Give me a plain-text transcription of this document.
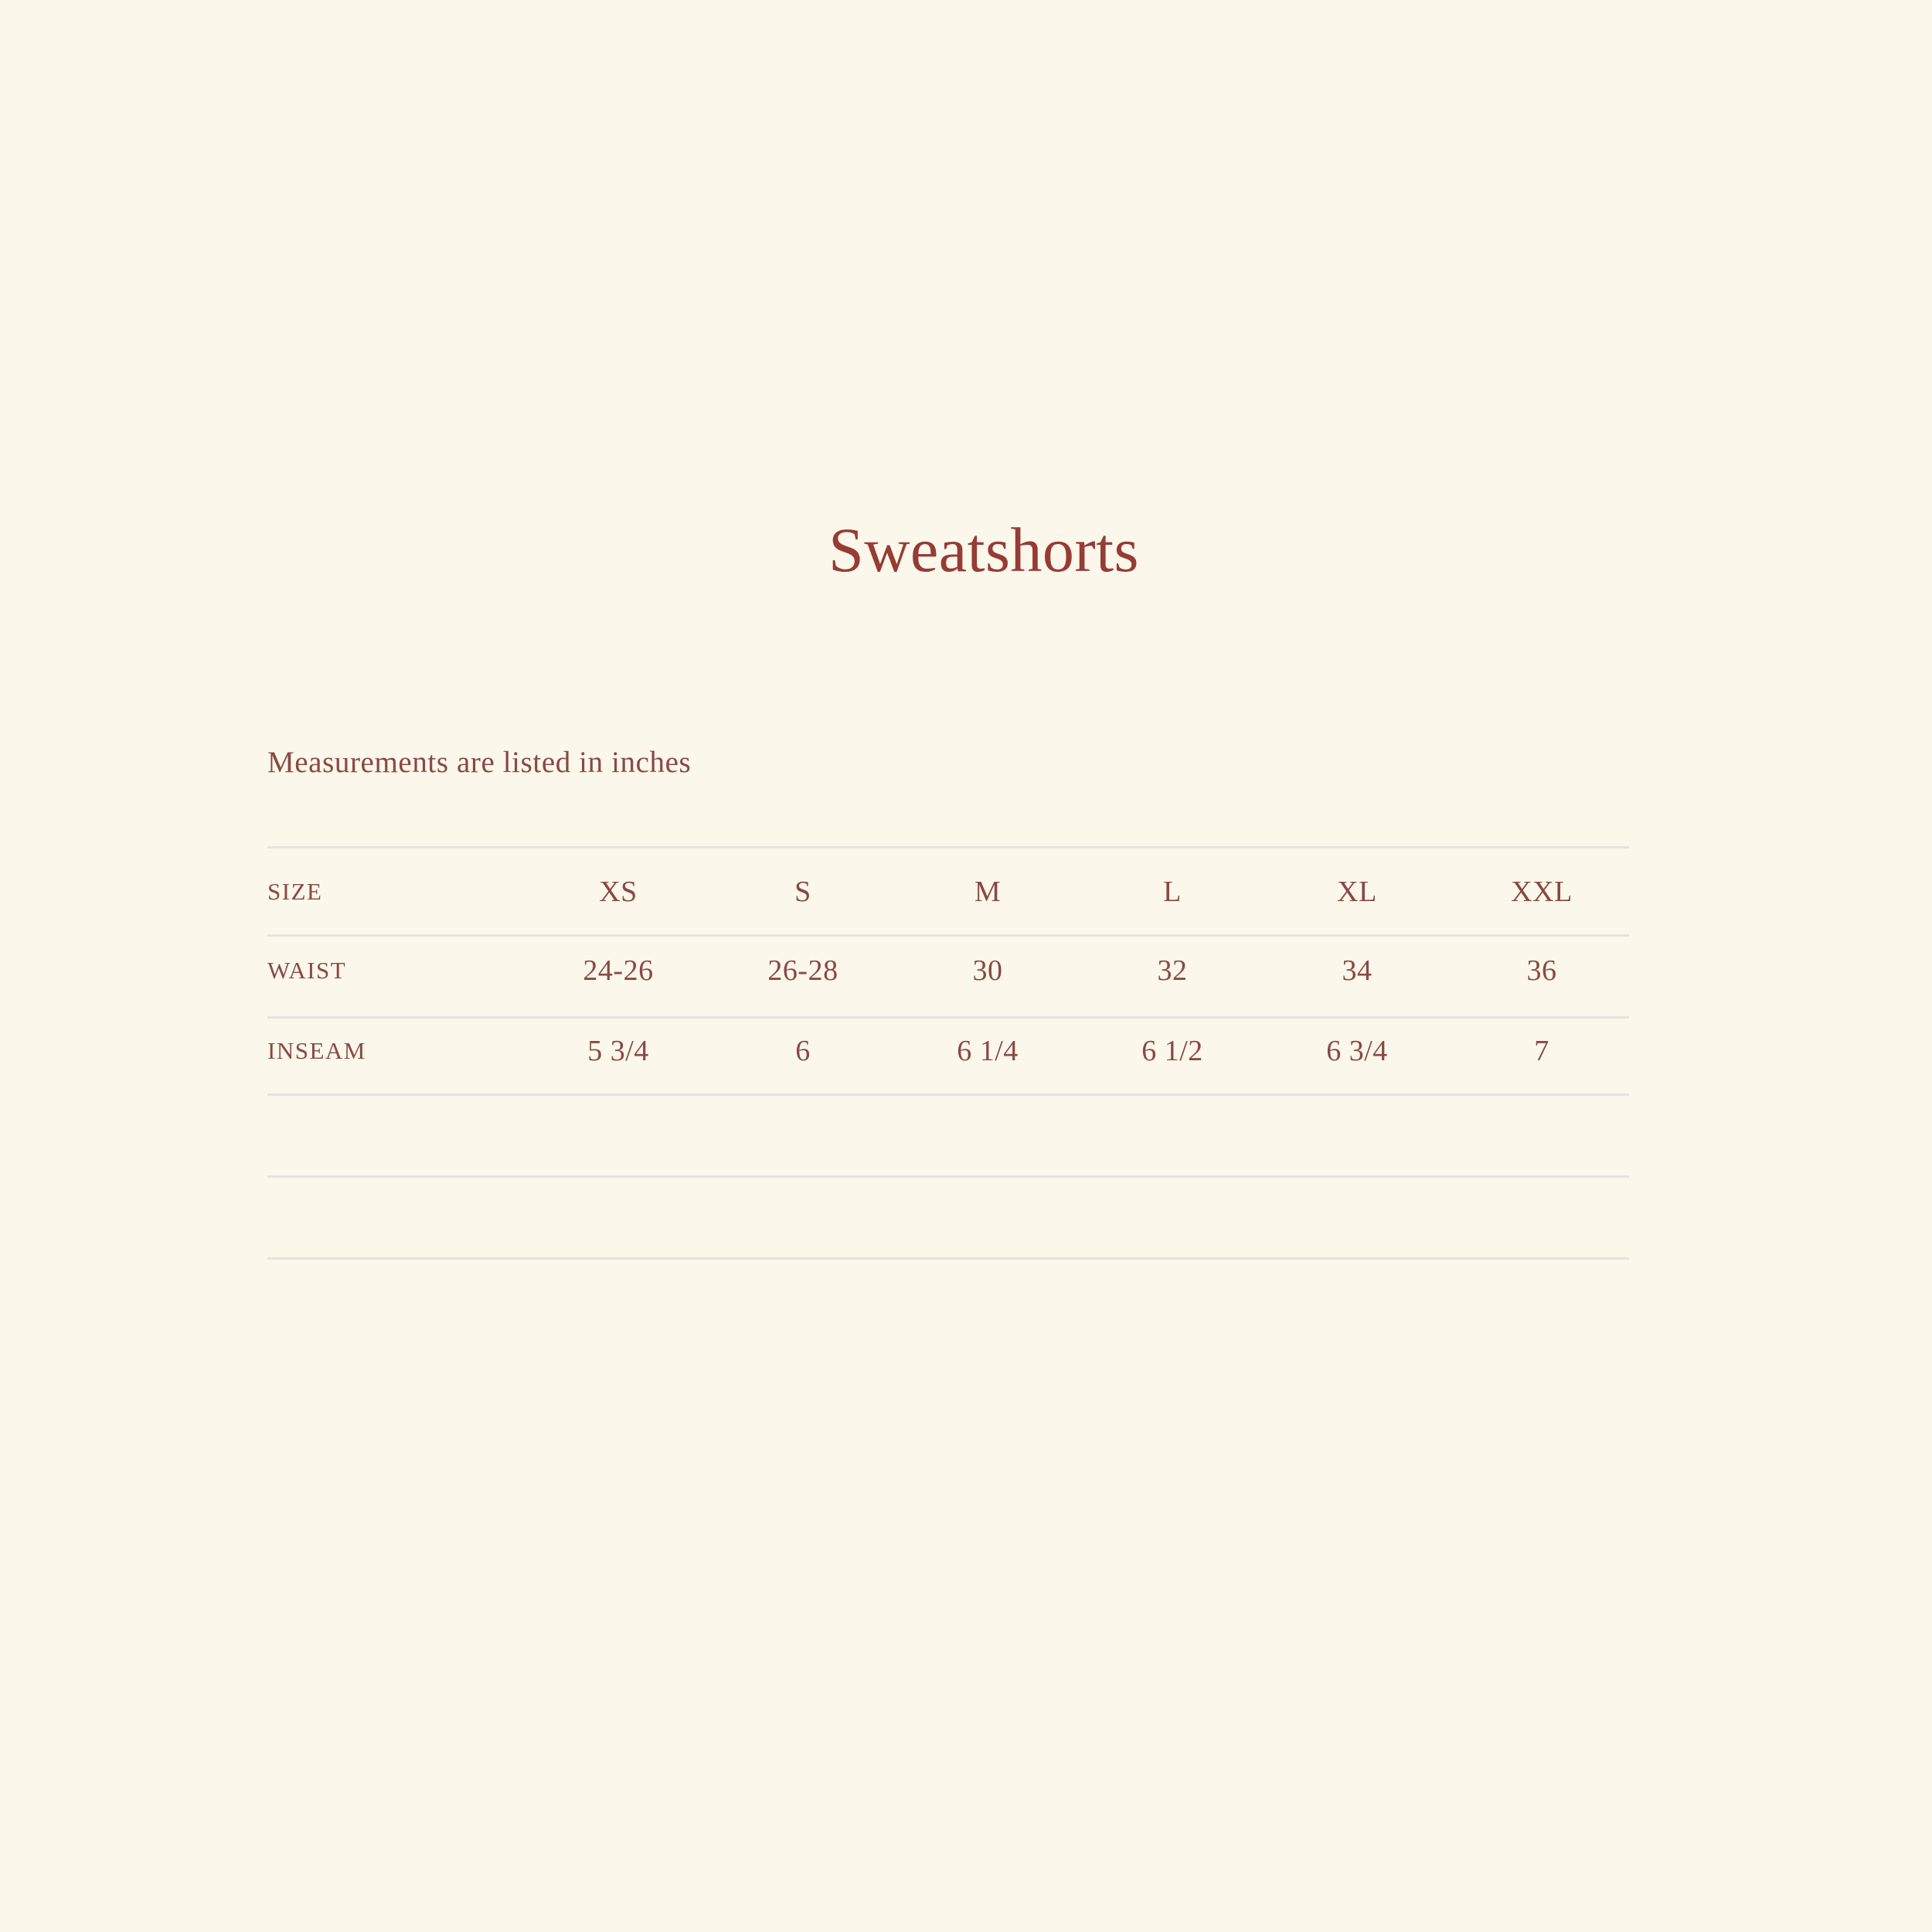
Sweatshorts
Measurements are listed in inches
SIZE	XS	S	M	L	XL	XXL
WAIST	24-26	26-28	30	32	34	36
INSEAM	5 3/4	6	6 1/4	6 1/2	6 3/4	7
